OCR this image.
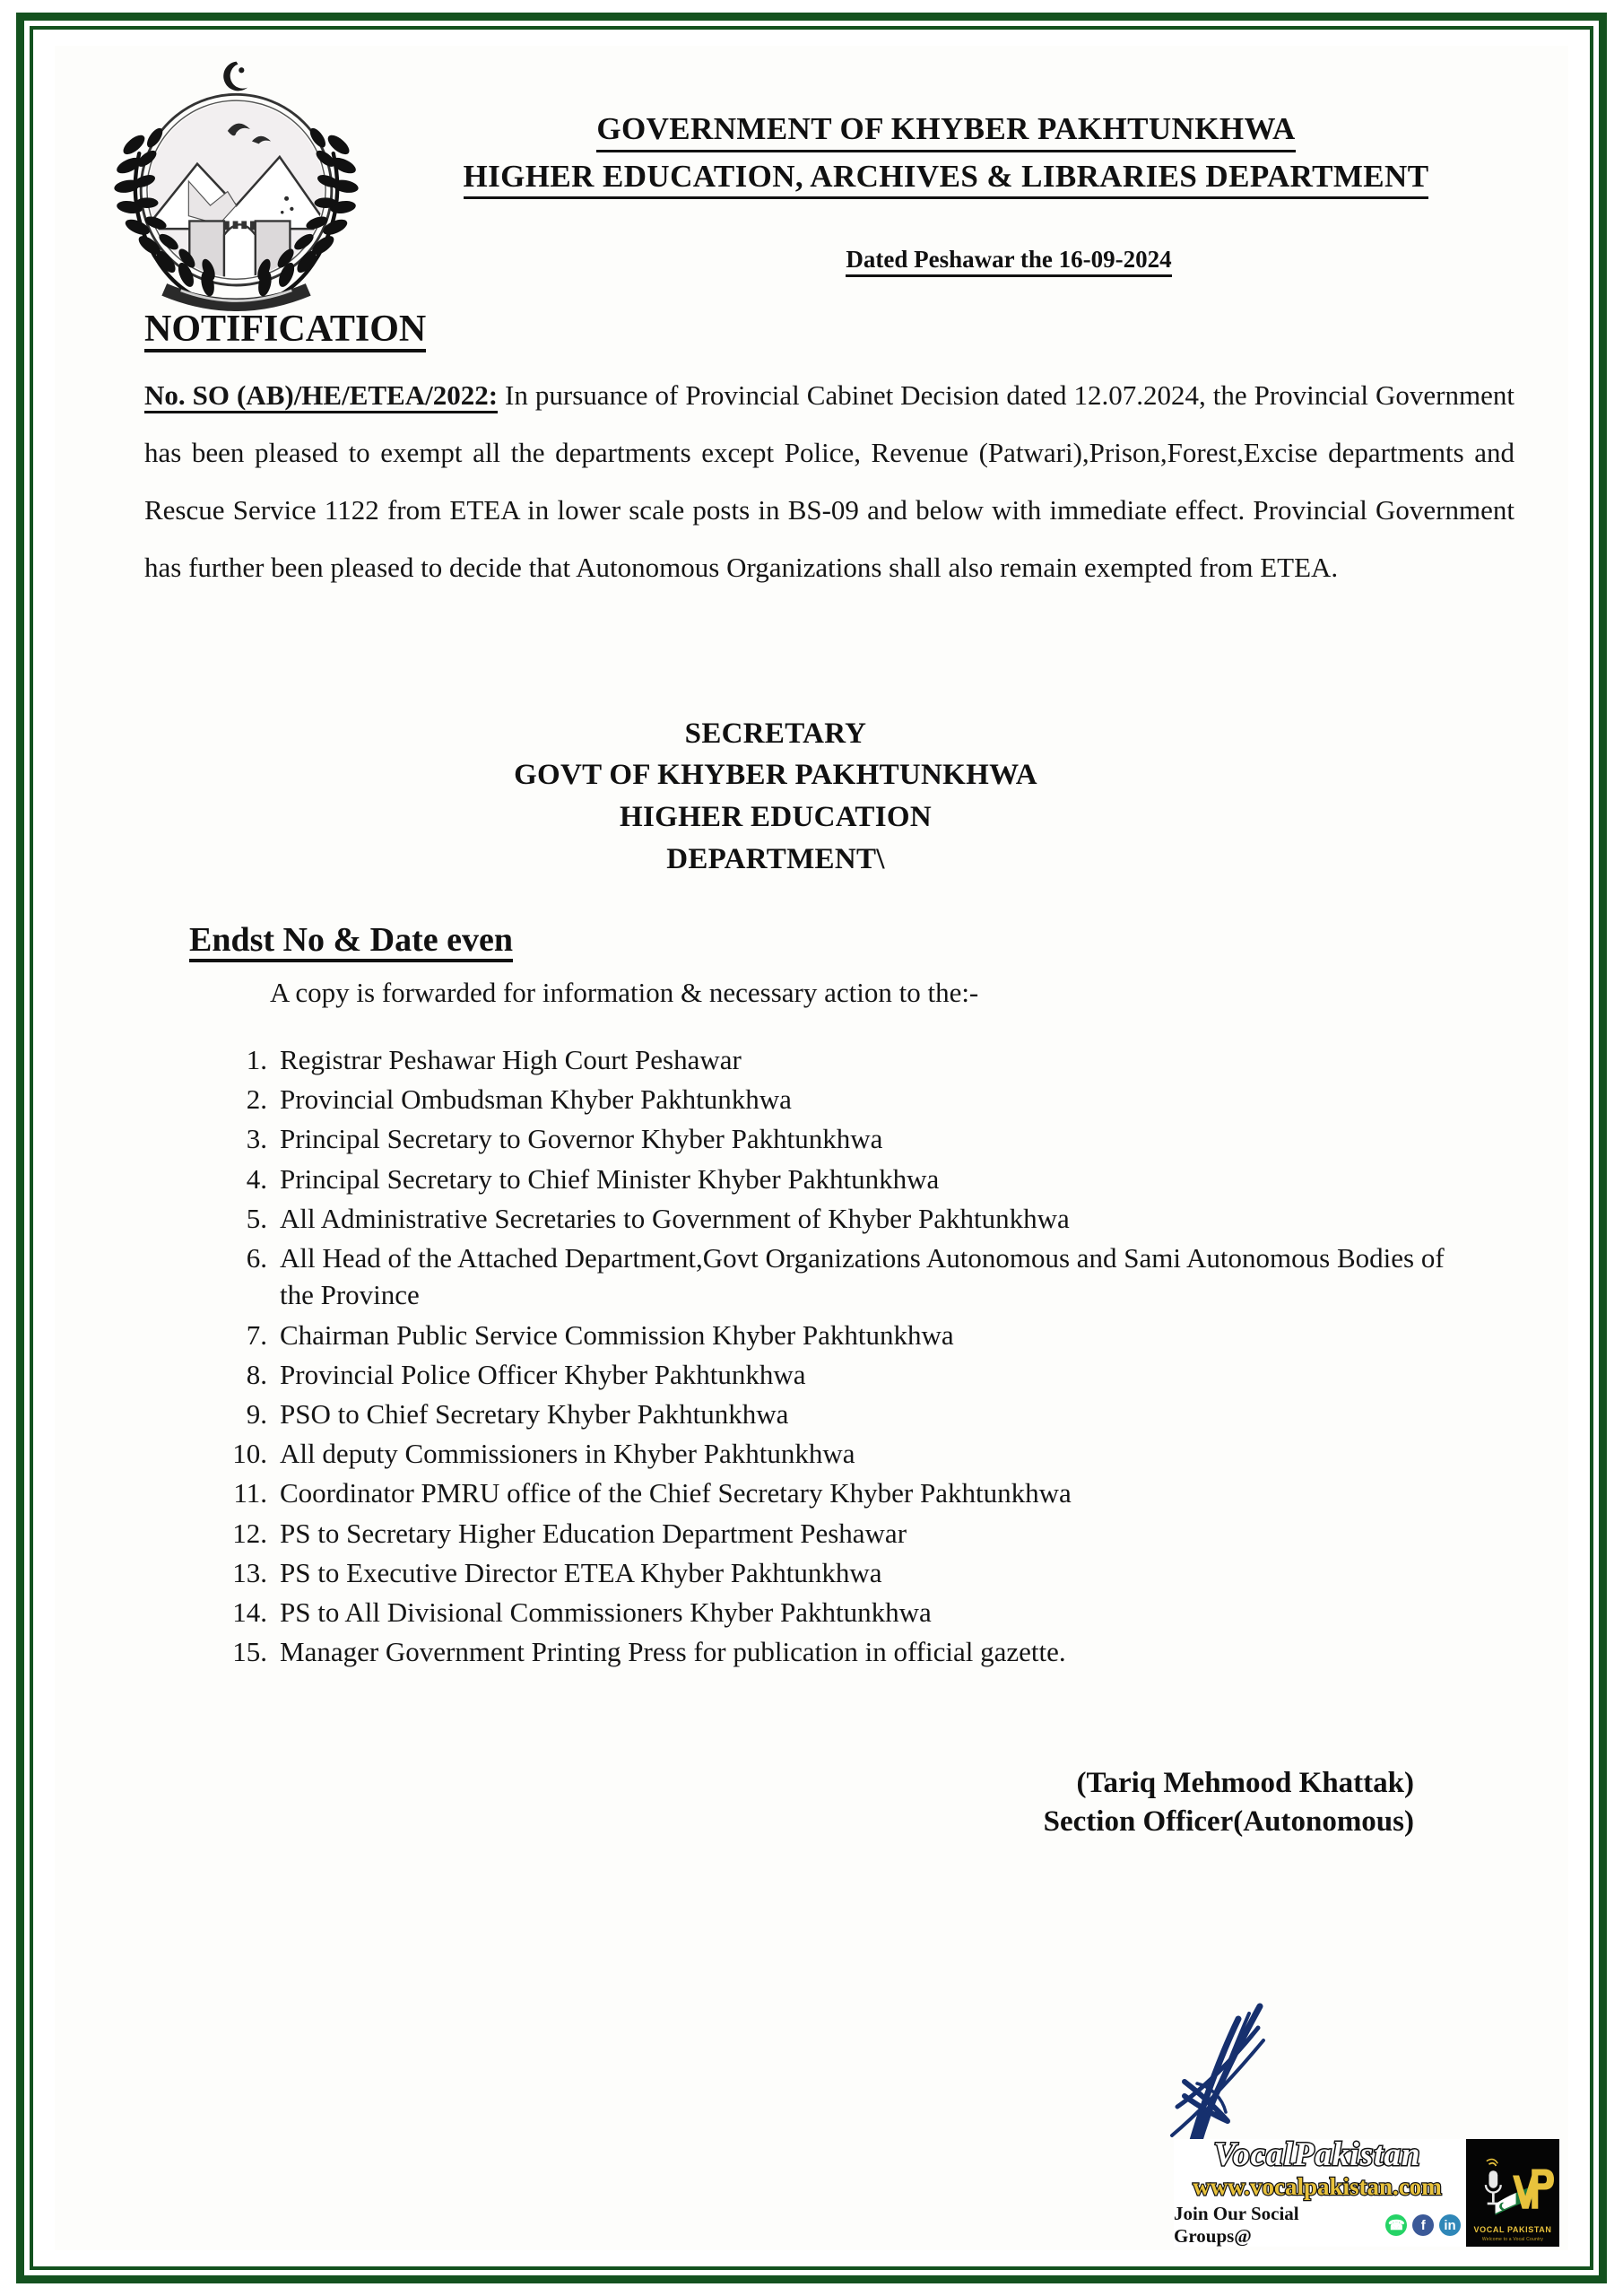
GOVERNMENT OF KHYBER PAKHTUNKHWA
HIGHER EDUCATION, ARCHIVES & LIBRARIES DEPARTMENT
Dated Peshawar the 16-09-2024
NOTIFICATION

No. SO (AB)/HE/ETEA/2022: In pursuance of Provincial Cabinet Decision dated 12.07.2024, the Provincial Government has been pleased to exempt all the departments except Police, Revenue (Patwari),Prison,Forest,Excise departments and Rescue Service 1122 from ETEA in lower scale posts in BS-09 and below with immediate effect. Provincial Government has further been pleased to decide that Autonomous Organizations shall also remain exempted from ETEA.

SECRETARY
GOVT OF KHYBER PAKHTUNKHWA
HIGHER EDUCATION
DEPARTMENT\
Endst No & Date even
A copy is forwarded for information & necessary action to the:-
1. Registrar Peshawar High Court Peshawar
2. Provincial Ombudsman Khyber Pakhtunkhwa
3. Principal Secretary to Governor Khyber Pakhtunkhwa
4. Principal Secretary to Chief Minister Khyber Pakhtunkhwa
5. All Administrative Secretaries to Government of Khyber Pakhtunkhwa
6. All Head of the Attached Department,Govt Organizations Autonomous and Sami Autonomous Bodies of the Province
7. Chairman Public Service Commission Khyber Pakhtunkhwa
8. Provincial Police Officer Khyber Pakhtunkhwa
9. PSO to Chief Secretary Khyber Pakhtunkhwa
10. All deputy Commissioners in Khyber Pakhtunkhwa
11. Coordinator PMRU office of the Chief Secretary Khyber Pakhtunkhwa
12. PS to Secretary Higher Education Department Peshawar
13. PS to Executive Director ETEA Khyber Pakhtunkhwa
14. PS to All Divisional Commissioners Khyber Pakhtunkhwa
15. Manager Government Printing Press for publication in official gazette.
(Tariq Mehmood Khattak)
Section Officer(Autonomous)
VocalPakistan
www.vocalpakistan.com
Join Our Social Groups@	☎	f	in	VOCAL PAKISTAN
Welcome to a Vocal Country
